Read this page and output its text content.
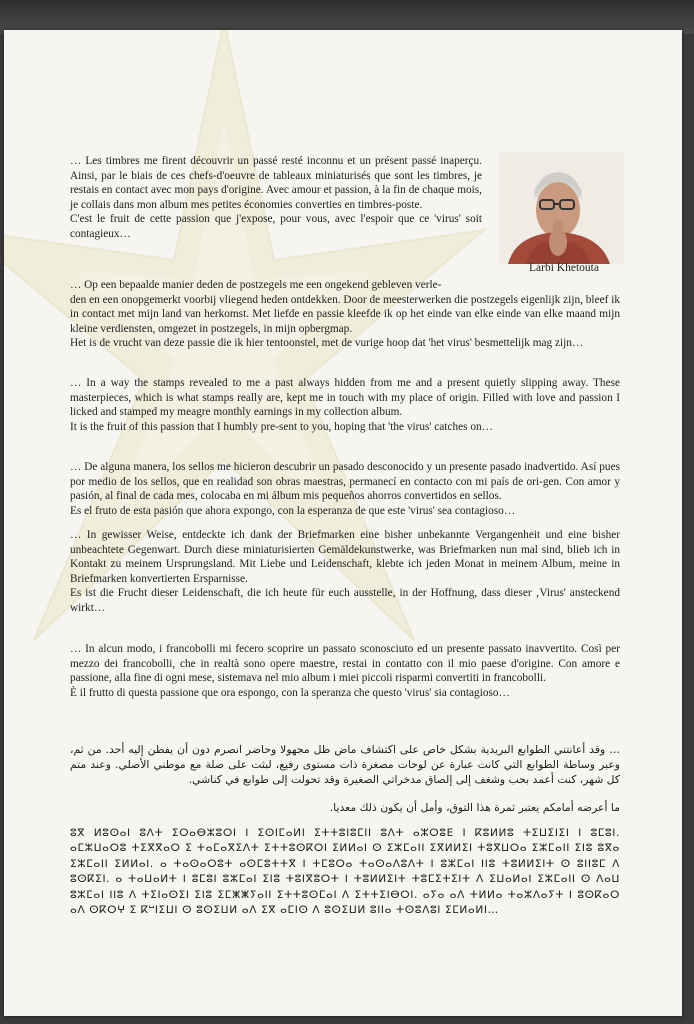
Larbi Khetouta
… Les timbres me firent découvrir un passé resté inconnu et un présent passé inaperçu. Ainsi, par le biais de ces chefs-d'oeuvre de tableaux miniaturisés que sont les timbres, je restais en contact avec mon pays d'origine. Avec amour et passion, à la fin de chaque mois, je collais dans mon album mes petites économies converties en timbres-poste.
C'est le fruit de cette passion que j'expose, pour vous, avec l'espoir que ce 'virus' soit contagieux…
… Op een bepaalde manier deden de postzegels me een ongekend gebleven verle-
den en een onopgemerkt voorbij vliegend heden ontdekken. Door de meesterwerken die postzegels eigenlijk zijn, bleef ik in contact met mijn land van herkomst. Met liefde en passie kleefde ik op het einde van elke einde van elke maand mijn kleine verdiensten, omgezet in postzegels, in mijn opbergmap.
Het is de vrucht van deze passie die ik hier tentoonstel, met de vurige hoop dat 'het virus' besmettelijk mag zijn…
… In a way the stamps revealed to me a past always hidden from me and a present quietly slipping away. These masterpieces, which is what stamps really are, kept me in touch with my place of origin. Filled with love and passion I licked and stamped my meagre monthly earnings in my collection album.
It is the fruit of this passion that I humbly pre-sent to you, hoping that 'the virus' catches on…
… De alguna manera, los sellos me hicieron descubrir un pasado desconocido y un presente pasado inadvertido. Así pues por medio de los sellos, que en realidad son obras maestras, permanecí en contacto con mi país de ori-gen. Con amor y pasión, al final de cada mes, colocaba en mi álbum mis pequeños ahorros convertidos en sellos.
Es el fruto de esta pasión que ahora expongo, con la esperanza de que este 'virus' sea contagioso…
… In gewisser Weise, entdeckte ich dank der Briefmarken eine bisher unbekannte Vergangenheit und eine bisher unbeachtete Gegenwart. Durch diese miniaturisierten Gemäldekunstwerke, was Briefmarken nun mal sind, blieb ich in Kontakt zu meinem Ursprungsland. Mit Liebe und Leidenschaft, klebte ich jeden Monat in meinem Album, meine in Briefmarken konvertierten Ersparnisse.
Es ist die Frucht dieser Leidenschaft, die ich heute für euch ausstelle, in der Hoffnung, dass dieser ‚Virus' ansteckend wirkt…
… In alcun modo, i francobolli mi fecero scoprire un passato sconosciuto ed un presente passato inavvertito. Così per mezzo dei francobolli, che in realtà sono opere maestre, restai in contatto con il mio paese d'origine. Con amore e passione, alla fine di ogni mese, sistemava nel mio album i miei piccoli risparmi convertiti in francobolli.
È il frutto di questa passione que ora espongo, con la speranza che questo 'virus' sia contagioso…
… وقد أعانتني الطوابع البريدية بشكل خاص على اكتشاف ماض ظل مجهولا وحاضر انصرم دون أن يفطن إليه أحد. من ثم، وعبر وساطة الطوابع التي كانت عبارة عن لوحات مصغرة ذات مستوى رفيع، لبثت على صلة مع موطني الأصلي. وعند متم كل شهر، كنت أعمد بحب وشغف إلى إلصاق مدخراتي الصغيرة وقد تحولت إلى طوابع في كناشي.
ما أعرضه أمامكم يعتبر ثمرة هذا التوق، وأمل أن يكون ذلك معديا.
ⵓⴳ ⵍⵓⵙⴰⵏ ⵓⴷⵜ ⵉⵔⴰⴱⵣⵓⵔⵏ ⵏ ⵉⵙⵏⵎⴰⵍⵏ ⵉⵜⵜⵓⵏⵓⵎⵏⵏ ⵓⴷⵜ ⴰⵣⵔⵓⴹ ⵏ ⴽⵓⵍⵍⵓ ⵜⵉⵡⵉⵏⵉⵏ ⵏ ⵓⵎⵓⵏ. ⴰⵎⵣⵡⴰⵔⵓ ⵜⵉⴳⴳⴰⵔ ⵉ ⵜⴰⵎⴰⴳⵉⴷⵜ ⵉⵜⵜⵓⵙⴽⵔⵏ ⵉⵍⵍⴰⵏ ⵙ ⵉⵣⵎⴰⵏⵏ ⵉⴳⵍⵍⵉⵏ ⵜⵓⴳⵡⵔⴰ ⵉⵣⵎⴰⵏⵏ ⵉⵏⵓ ⵓⴳⴰ ⵉⵣⵎⴰⵏⵏ ⵉⵍⵍⴰⵏ. ⴰ ⵜⴰⵙⴰⵔⵓⵜ ⴰⵙⵎⵓⵜⵜⴳ ⵏ ⵜⵎⵓⵔⴰ ⵜⴰⵙⴰⴷⵓⴷⵜ ⵏ ⵓⵣⵎⴰⵏ ⵏⵏⵓ ⵜⵓⵍⵍⵉⵏⵜ ⵙ ⵓⵏⵏⵓⵎ ⴷ ⵓⵙⴽⵉⵏ. ⴰ ⵜⴰⵡⴰⵍⵜ ⵏ ⵓⵎⵓⵏ ⵓⵣⵎⴰⵏ ⵉⵏⵓ ⵜⵓⵏⴳⵓⵔⵜ ⵏ ⵜⵓⵍⵍⵉⵏⵜ ⵜⵓⵎⵉⵜⵉⵏⵜ ⴷ ⵉⵡⴰⵍⴰⵏ ⵉⵣⵎⴰⵏⵏ ⵙ ⴷⴰⵡ ⵓⵣⵎⴰⵏ ⵏⵏⵓ ⴷ ⵜⵉⵏⴰⵙⵉⵏ ⵉⵏⵓ ⵉⵎⵥⵥⵢⴰⵏⵏ ⵉⵜⵜⵓⵙⵎⴰⵏ ⴷ ⵉⵜⵜⵉⵏⴱⵔⵏ. ⴰⵢⴰ ⴰⴷ ⵜⵍⵍⴰ ⵜⴰⵣⴷⴰⵢⵜ ⵏ ⵓⵙⴽⴰⵔ ⴰⴷ ⵙⴽⵔⵖ ⵉ ⴽⵯⵏⵉⵡⵏ ⵙ ⵓⵙⵉⵡⵍ ⴰⴷ ⵉⴳ ⴰⵎⵏⵙ ⴷ ⵓⵙⵉⵡⵍ ⵓⵏⵏⴰ ⵜⵙⵓⴷⵓⵏ ⵉⵎⵍⴰⵍⵏ…
